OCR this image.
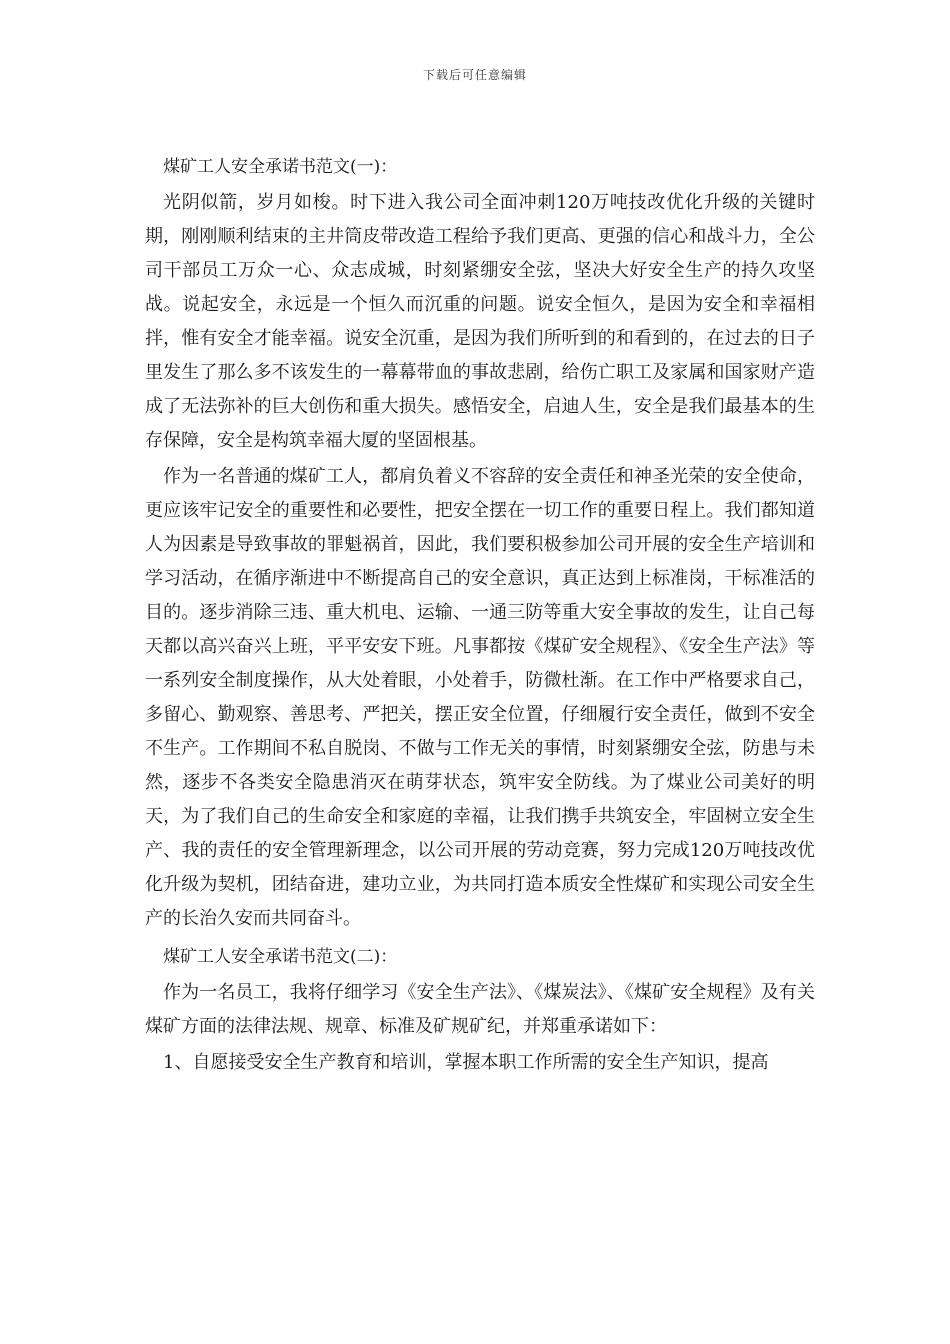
下载后可任意编辑

煤矿工人安全承诺书范文(一)：

光阴似箭，岁月如梭。时下进入我公司全面冲刺120万吨技改优化升级的关键时期，刚刚顺利结束的主井筒皮带改造工程给予我们更高、更强的信心和战斗力，全公司干部员工万众一心、众志成城，时刻紧绷安全弦，坚决大好安全生产的持久攻坚战。说起安全，永远是一个恒久而沉重的问题。说安全恒久，是因为安全和幸福相拌，惟有安全才能幸福。说安全沉重，是因为我们所听到的和看到的，在过去的日子里发生了那么多不该发生的一幕幕带血的事故悲剧，给伤亡职工及家属和国家财产造成了无法弥补的巨大创伤和重大损失。感悟安全，启迪人生，安全是我们最基本的生存保障，安全是构筑幸福大厦的坚固根基。

作为一名普通的煤矿工人，都肩负着义不容辞的安全责任和神圣光荣的安全使命，更应该牢记安全的重要性和必要性，把安全摆在一切工作的重要日程上。我们都知道人为因素是导致事故的罪魁祸首，因此，我们要积极参加公司开展的安全生产培训和学习活动，在循序渐进中不断提高自己的安全意识，真正达到上标准岗，干标准活的目的。逐步消除三违、重大机电、运输、一通三防等重大安全事故的发生，让自己每天都以高兴奋兴上班，平平安安下班。凡事都按《煤矿安全规程》、《安全生产法》等一系列安全制度操作，从大处着眼，小处着手，防微杜渐。在工作中严格要求自己，多留心、勤观察、善思考、严把关，摆正安全位置，仔细履行安全责任，做到不安全不生产。工作期间不私自脱岗、不做与工作无关的事情，时刻紧绷安全弦，防患与未然，逐步不各类安全隐患消灭在萌芽状态，筑牢安全防线。为了煤业公司美好的明天，为了我们自己的生命安全和家庭的幸福，让我们携手共筑安全，牢固树立安全生产、我的责任的安全管理新理念，以公司开展的劳动竞赛，努力完成120万吨技改优化升级为契机，团结奋进，建功立业，为共同打造本质安全性煤矿和实现公司安全生产的长治久安而共同奋斗。

煤矿工人安全承诺书范文(二)：

作为一名员工，我将仔细学习《安全生产法》、《煤炭法》、《煤矿安全规程》及有关煤矿方面的法律法规、规章、标准及矿规矿纪，并郑重承诺如下：

1、自愿接受安全生产教育和培训，掌握本职工作所需的安全生产知识，提高
